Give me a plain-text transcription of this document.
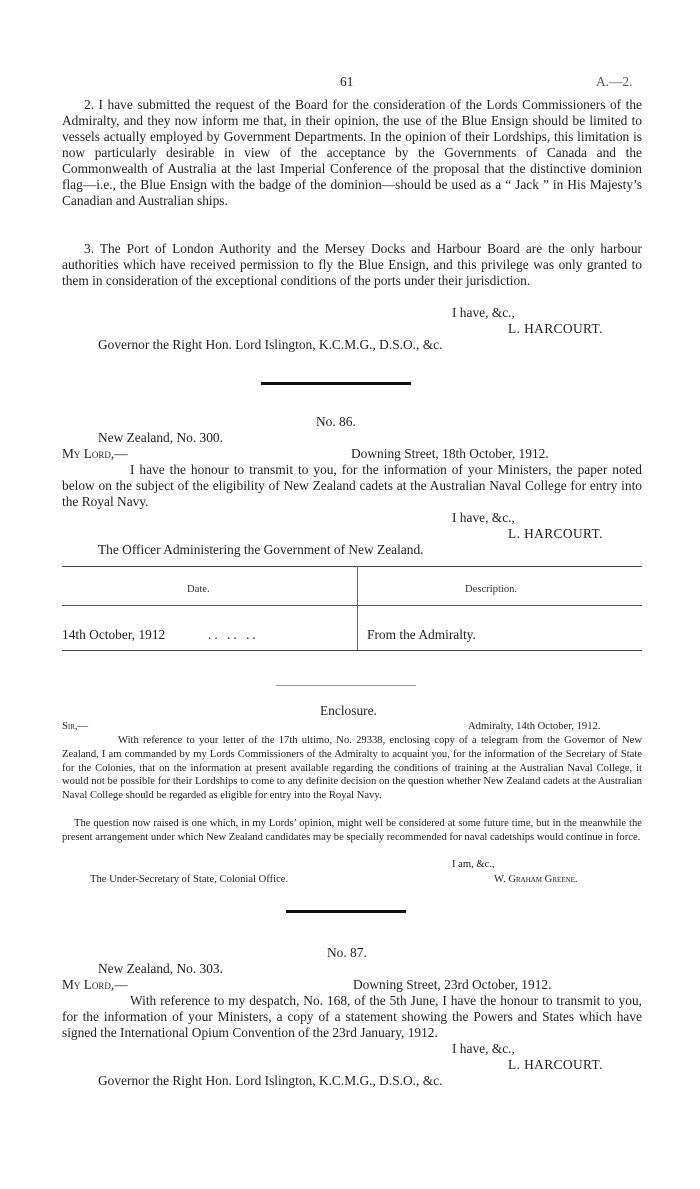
61	A.—2.
2. I have submitted the request of the Board for the consideration of the Lords Commissioners of the Admiralty, and they now inform me that, in their opinion, the use of the Blue Ensign should be limited to vessels actually employed by Government Departments. In the opinion of their Lordships, this limitation is now particularly desirable in view of the acceptance by the Governments of Canada and the Commonwealth of Australia at the last Imperial Conference of the proposal that the distinctive dominion flag—i.e., the Blue Ensign with the badge of the dominion—should be used as a “ Jack ” in His Majesty’s Canadian and Australian ships.
3. The Port of London Authority and the Mersey Docks and Harbour Board are the only harbour authorities which have received permission to fly the Blue Ensign, and this privilege was only granted to them in consideration of the exceptional conditions of the ports under their jurisdiction.
I have, &c.,
L. HARCOURT.
Governor the Right Hon. Lord Islington, K.C.M.G., D.S.O., &c.
No. 86.
New Zealand, No. 300.
My Lord,—	Downing Street, 18th October, 1912.
I have the honour to transmit to you, for the information of your Ministers, the paper noted below on the subject of the eligibility of New Zealand cadets at the Australian Naval College for entry into the Royal Navy.
I have, &c.,
L. HARCOURT.
The Officer Administering the Government of New Zealand.
Date.	Description.
14th October, 1912	.. .. ..	From the Admiralty.
Enclosure.
Sir,—	Admiralty, 14th October, 1912.
With reference to your letter of the 17th ultimo, No. 29338, enclosing copy of a telegram from the Governor of New Zealand, I am commanded by my Lords Commissioners of the Admiralty to acquaint you, for the information of the Secretary of State for the Colonies, that on the information at present available regarding the conditions of training at the Australian Naval College, it would not be possible for their Lordships to come to any definite decision on the question whether New Zealand cadets at the Australian Naval College should be regarded as eligible for entry into the Royal Navy.
The question now raised is one which, in my Lords’ opinion, might well be considered at some future time, but in the meanwhile the present arrangement under which New Zealand candidates may be specially recommended for naval cadetships would continue in force.
I am, &c.,
The Under-Secretary of State, Colonial Office.	W. Graham Greene.
No. 87.
New Zealand, No. 303.
My Lord,—	Downing Street, 23rd October, 1912.
With reference to my despatch, No. 168, of the 5th June, I have the honour to transmit to you, for the information of your Ministers, a copy of a statement showing the Powers and States which have signed the International Opium Convention of the 23rd January, 1912.
I have, &c.,
L. HARCOURT.
Governor the Right Hon. Lord Islington, K.C.M.G., D.S.O., &c.
